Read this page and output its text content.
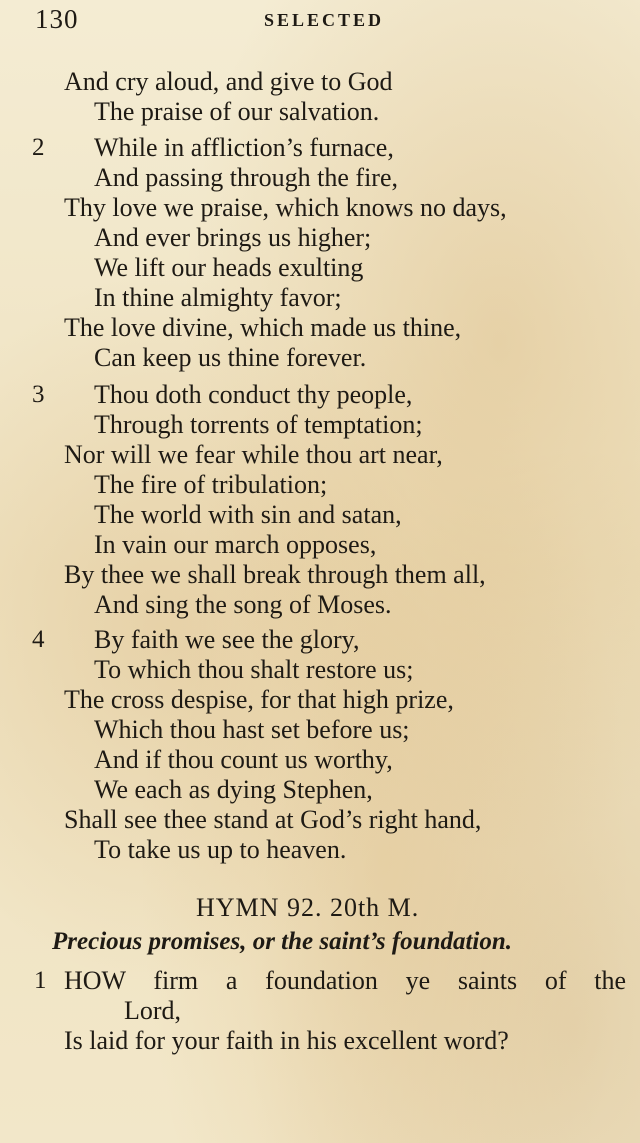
130	SELECTED
And cry aloud, and give to God
The praise of our salvation.
2 While in affliction’s furnace,
And passing through the fire,
Thy love we praise, which knows no days,
And ever brings us higher;
We lift our heads exulting
In thine almighty favor;
The love divine, which made us thine,
Can keep us thine forever.
3 Thou doth conduct thy people,
Through torrents of temptation;
Nor will we fear while thou art near,
The fire of tribulation;
The world with sin and satan,
In vain our march opposes,
By thee we shall break through them all,
And sing the song of Moses.
4 By faith we see the glory,
To which thou shalt restore us;
The cross despise, for that high prize,
Which thou hast set before us;
And if thou count us worthy,
We each as dying Stephen,
Shall see thee stand at God’s right hand,
To take us up to heaven.
HYMN 92. 20th M.
Precious promises, or the saint’s foundation.
1 HOW firm a foundation ye saints of the
Lord,
Is laid for your faith in his excellent word?
